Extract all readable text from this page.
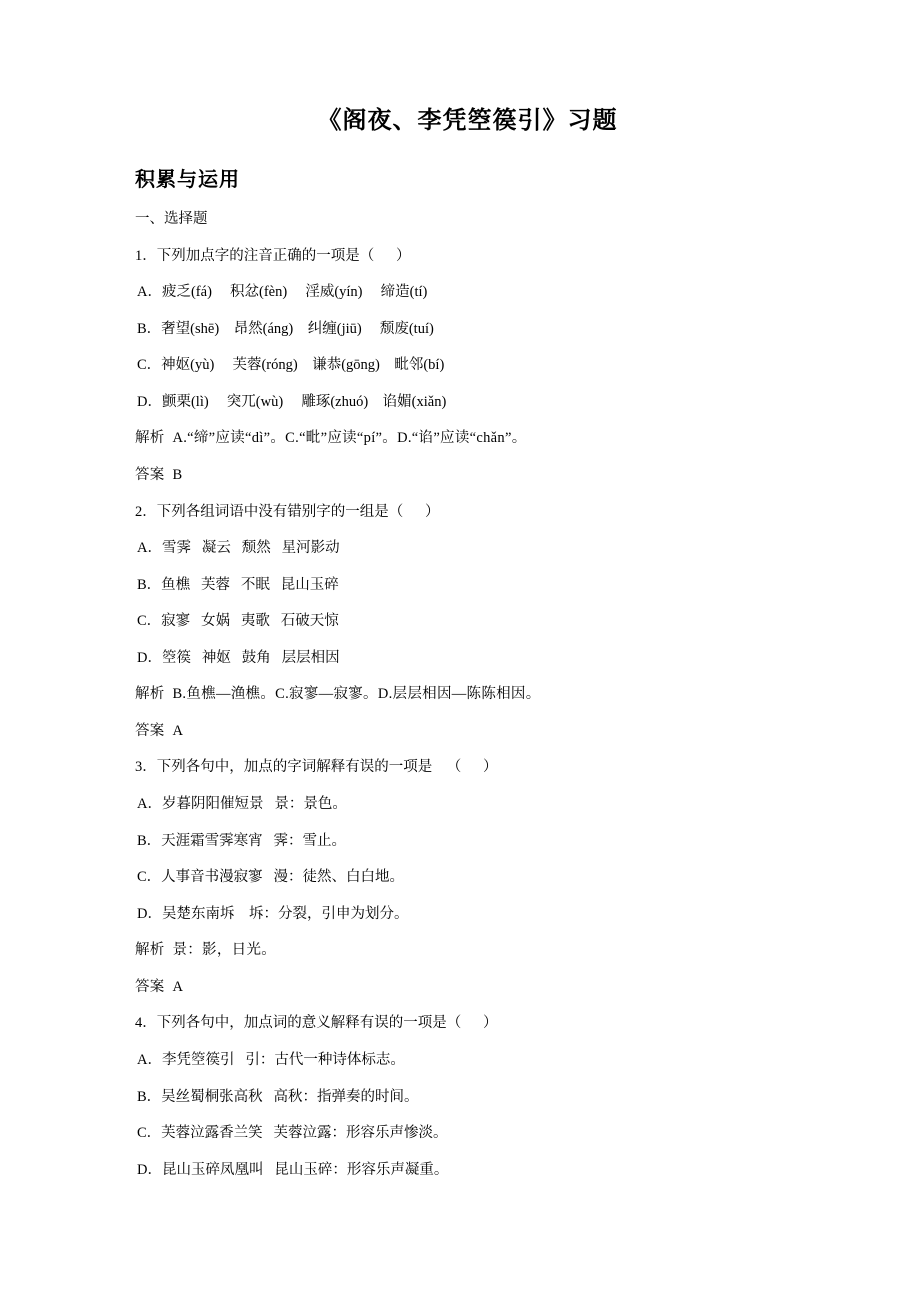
《阁夜、李凭箜篌引》习题
积累与运用
一、选择题
1．下列加点字的注音正确的一项是（      ）
A．疲乏(fá)     积忿(fèn)     淫威(yín)     缔造(tí)
B．奢望(shē)    昂然(áng)    纠缠(jiū)     颓废(tuí)
C．神妪(yù)     芙蓉(róng)    谦恭(gōng)    毗邻(bí)
D．颤栗(lì)     突兀(wù)     雕琢(zhuó)    谄媚(xiǎn)
解析  A.“缔”应读“dì”。C.“毗”应读“pí”。D.“谄”应读“chǎn”。
答案  B
2．下列各组词语中没有错别字的一组是（      ）
A．雪霁   凝云   颓然   星河影动
B．鱼樵   芙蓉   不眠   昆山玉碎
C．寂寥   女娲   夷歌   石破天惊
D．箜篌   神妪   鼓角   层层相因
解析  B.鱼樵—渔樵。C.寂寥—寂寥。D.层层相因—陈陈相因。
答案  A
3．下列各句中，加点的字词解释有误的一项是    （      ）
A．岁暮阴阳催短景   景：景色。
B．天涯霜雪霁寒宵   霁：雪止。
C．人事音书漫寂寥   漫：徒然、白白地。
D．吴楚东南坼    坼：分裂，引申为划分。
解析  景：影，日光。
答案  A
4．下列各句中，加点词的意义解释有误的一项是（      ）
A．李凭箜篌引   引：古代一种诗体标志。
B．吴丝蜀桐张高秋   高秋：指弹奏的时间。
C．芙蓉泣露香兰笑   芙蓉泣露：形容乐声惨淡。
D．昆山玉碎凤凰叫   昆山玉碎：形容乐声凝重。
